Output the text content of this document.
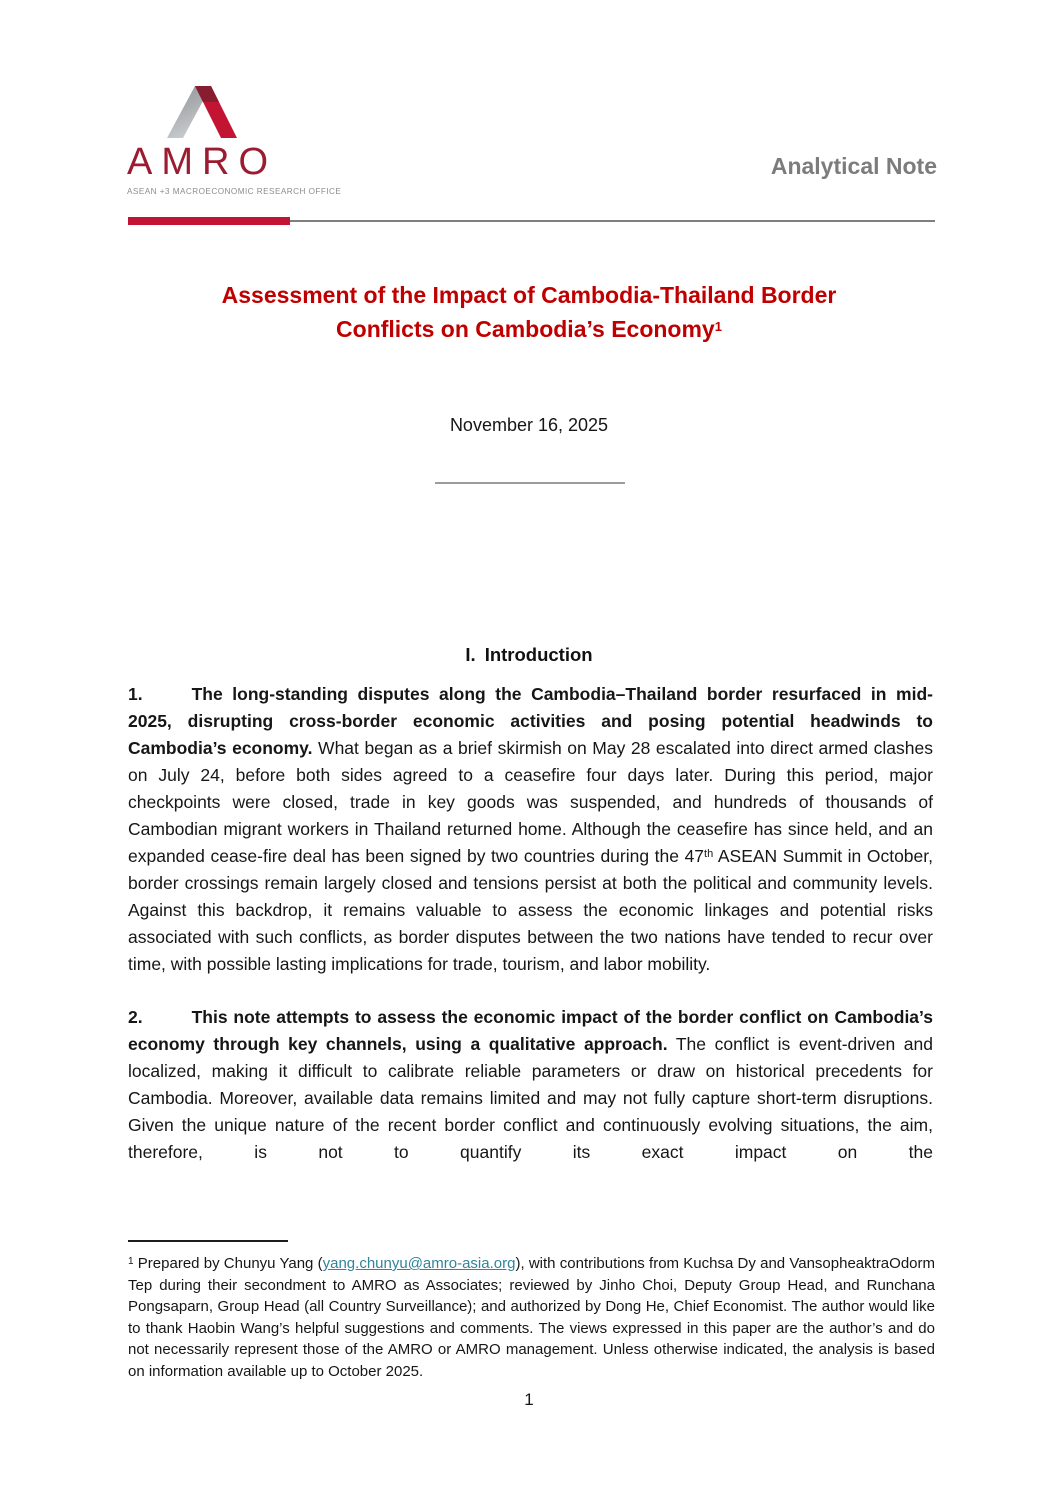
AMRO
ASEAN +3 MACROECONOMIC RESEARCH OFFICE
Analytical Note
Assessment of the Impact of Cambodia-Thailand Border
Conflicts on Cambodia’s Economy$^1$
November 16, 2025
I. Introduction

1.	The long-standing disputes along the Cambodia–Thailand border resurfaced in mid-2025, disrupting cross-border economic activities and posing potential headwinds to Cambodia’s economy. What began as a brief skirmish on May 28 escalated into direct armed clashes on July 24, before both sides agreed to a ceasefire four days later. During this period, major checkpoints were closed, trade in key goods was suspended, and hundreds of thousands of Cambodian migrant workers in Thailand returned home. Although the ceasefire has since held, and an expanded cease-fire deal has been signed by two countries during the 47th ASEAN Summit in October, border crossings remain largely closed and tensions persist at both the political and community levels. Against this backdrop, it remains valuable to assess the economic linkages and potential risks associated with such conflicts, as border disputes between the two nations have tended to recur over time, with possible lasting implications for trade, tourism, and labor mobility.

2.	This note attempts to assess the economic impact of the border conflict on Cambodia’s economy through key channels, using a qualitative approach. The conflict is event-driven and localized, making it difficult to calibrate reliable parameters or draw on historical precedents for Cambodia. Moreover, available data remains limited and may not fully capture short-term disruptions. Given the unique nature of the recent border conflict and continuously evolving situations, the aim, therefore, is not to quantify its exact impact on the

$^1$ Prepared by Chunyu Yang (yang.chunyu@amro-asia.org), with contributions from Kuchsa Dy and VansopheaktraOdorm Tep during their secondment to AMRO as Associates; reviewed by Jinho Choi, Deputy Group Head, and Runchana Pongsaparn, Group Head (all Country Surveillance); and authorized by Dong He, Chief Economist. The author would like to thank Haobin Wang’s helpful suggestions and comments. The views expressed in this paper are the author’s and do not necessarily represent those of the AMRO or AMRO management. Unless otherwise indicated, the analysis is based on information available up to October 2025.
1
